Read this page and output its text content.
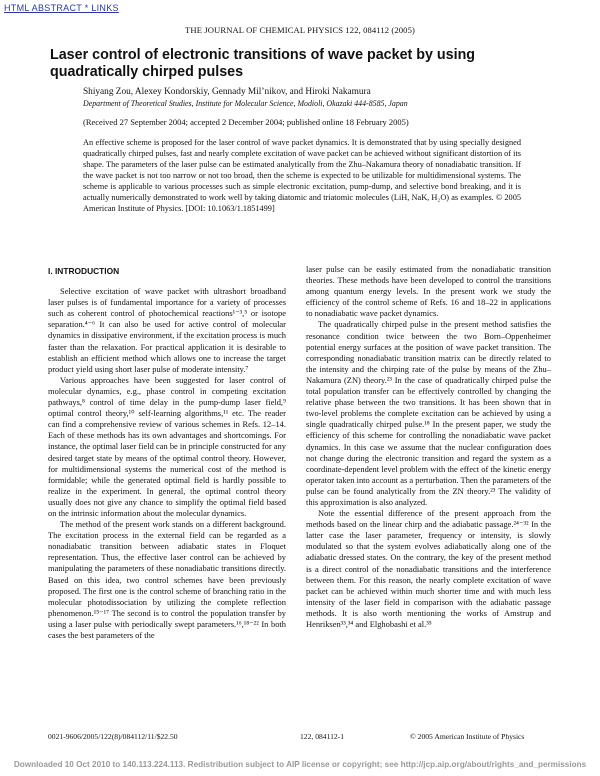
HTML ABSTRACT * LINKS
THE JOURNAL OF CHEMICAL PHYSICS 122, 084112 (2005)
Laser control of electronic transitions of wave packet by using quadratically chirped pulses
Shiyang Zou, Alexey Kondorskiy, Gennady Mil’nikov, and Hiroki Nakamura
Department of Theoretical Studies, Institute for Molecular Science, Modioli, Okazaki 444-8585, Japan
(Received 27 September 2004; accepted 2 December 2004; published online 18 February 2005)

An effective scheme is proposed for the laser control of wave packet dynamics. It is demonstrated that by using specially designed quadratically chirped pulses, fast and nearly complete excitation of wave packet can be achieved without significant distortion of its shape. The parameters of the laser pulse can be estimated analytically from the Zhu–Nakamura theory of nonadiabatic transition. If the wave packet is not too narrow or not too broad, then the scheme is expected to be utilizable for multidimensional systems. The scheme is applicable to various processes such as simple electronic excitation, pump-dump, and selective bond breaking, and it is actually numerically demonstrated to work well by taking diatomic and triatomic molecules (LiH, NaK, H₂O) as examples. © 2005 American Institute of Physics. [DOI: 10.1063/1.1851499]

I. INTRODUCTION

Selective excitation of wave packet with ultrashort broadband laser pulses is of fundamental importance for a variety of processes such as coherent control of photochemical reactions¹⁻³,⁵ or isotope separation.⁴⁻⁶ It can also be used for active control of molecular dynamics in dissipative environment, if the excitation process is much faster than the relaxation. For practical application it is desirable to establish an efficient method which allows one to increase the target product yield using short laser pulse of moderate intensity.⁷

Various approaches have been suggested for laser control of molecular dynamics, e.g., phase control in competing excitation pathways,⁸ control of time delay in the pump-dump laser field,⁹ optimal control theory,¹⁰ self-learning algorithms,¹¹ etc. The reader can find a comprehensive review of various schemes in Refs. 12–14. Each of these methods has its own advantages and shortcomings. For instance, the optimal laser field can be in principle constructed for any desired target state by means of the optimal control theory. However, for multidimensional systems the numerical cost of the method is formidable; while the generated optimal field is hardly possible to realize in the experiment. In general, the optimal control theory usually does not give any chance to simplify the optimal field based on the intrinsic information about the molecular dynamics.

The method of the present work stands on a different background. The excitation process in the external field can be regarded as a nonadiabatic transition between adiabatic states in Floquet representation. Thus, the effective laser control can be achieved by manipulating the parameters of these nonadiabatic transitions directly. Based on this idea, two control schemes have been previously proposed. The first one is the control scheme of branching ratio in the molecular photodissociation by utilizing the complete reflection phenomenon.¹⁵⁻¹⁷ The second is to control the population transfer by using a laser pulse with periodically swept parameters.¹⁶,¹⁸⁻²² In both cases the best parameters of the

laser pulse can be easily estimated from the nonadiabatic transition theories. These methods have been developed to control the transitions among quantum energy levels. In the present work we study the efficiency of the control scheme of Refs. 16 and 18–22 in applications to nonadiabatic wave packet dynamics.

The quadratically chirped pulse in the present method satisfies the resonance condition twice between the two Born–Oppenheimer potential energy surfaces at the position of wave packet transition. The corresponding nonadiabatic transition matrix can be directly related to the intensity and the chirping rate of the pulse by means of the Zhu–Nakamura (ZN) theory.²³ In the case of quadratically chirped pulse the total population transfer can be effectively controlled by changing the relative phase between the two transitions. It has been shown that in two-level problems the complete excitation can be achieved by using a single quadratically chirped pulse.¹⁸ In the present paper, we study the efficiency of this scheme for controlling the nonadiabatic wave packet dynamics. In this case we assume that the nuclear configuration does not change during the electronic transition and regard the system as a coordinate-dependent level problem with the effect of the kinetic energy operator taken into account as a perturbation. Then the parameters of the pulse can be found analytically from the ZN theory.²³ The validity of this approximation is also analyzed.

Note the essential difference of the present approach from the methods based on the linear chirp and the adiabatic passage.²⁴⁻³² In the latter case the laser parameter, frequency or intensity, is slowly modulated so that the system evolves adiabatically along one of the adiabatic dressed states. On the contrary, the key of the present method is a direct control of the nonadiabatic transitions and the interference between them. For this reason, the nearly complete excitation of wave packet can be achieved within much shorter time and with much less intensity of the laser field in comparison with the adiabatic passage methods. It is also worth mentioning the works of Amstrup and Henriksen³³,³⁴ and Elghobashi et al.³⁵

0021-9606/2005/122(8)/084112/11/$22.50	122, 084112-1	© 2005 American Institute of Physics
Downloaded 10 Oct 2010 to 140.113.224.113. Redistribution subject to AIP license or copyright; see http://jcp.aip.org/about/rights_and_permissions
